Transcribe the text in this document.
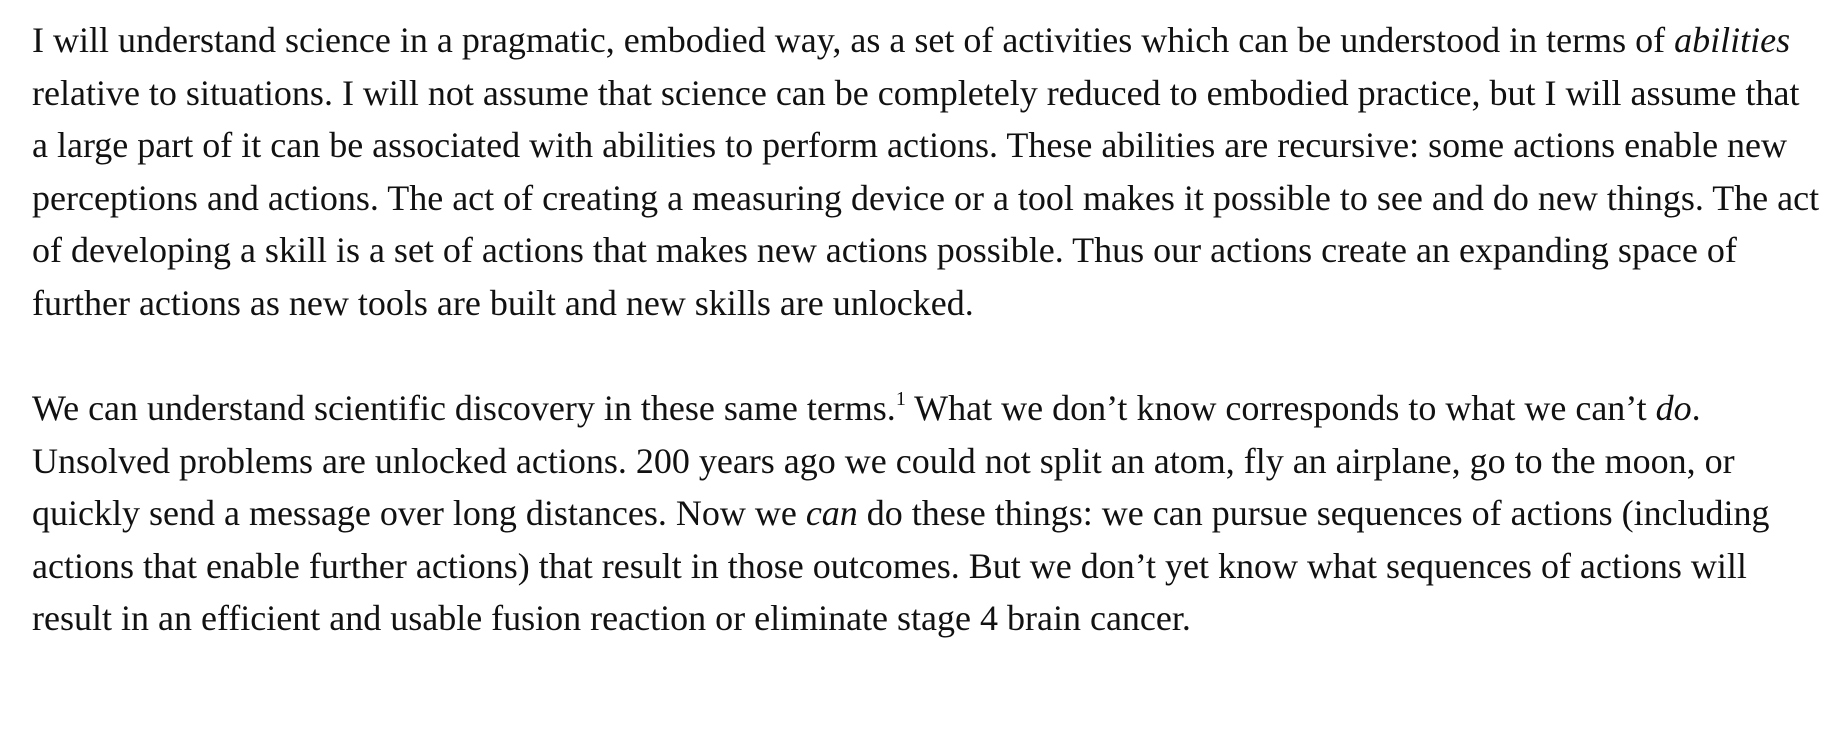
I will understand science in a pragmatic, embodied way, as a set of activities which can be understood in terms of abilities relative to situations. I will not assume that science can be completely reduced to embodied practice, but I will assume that a large part of it can be associated with abilities to perform actions. These abilities are recursive: some actions enable new perceptions and actions. The act of creating a measuring device or a tool makes it possible to see and do new things. The act of developing a skill is a set of actions that makes new actions possible. Thus our actions create an expanding space of further actions as new tools are built and new skills are unlocked.

We can understand scientific discovery in these same terms.$^1$ What we don’t know corresponds to what we can’t do. Unsolved problems are unlocked actions. 200 years ago we could not split an atom, fly an airplane, go to the moon, or quickly send a message over long distances. Now we can do these things: we can pursue sequences of actions (including actions that enable further actions) that result in those outcomes. But we don’t yet know what sequences of actions will result in an efficient and usable fusion reaction or eliminate stage 4 brain cancer.
